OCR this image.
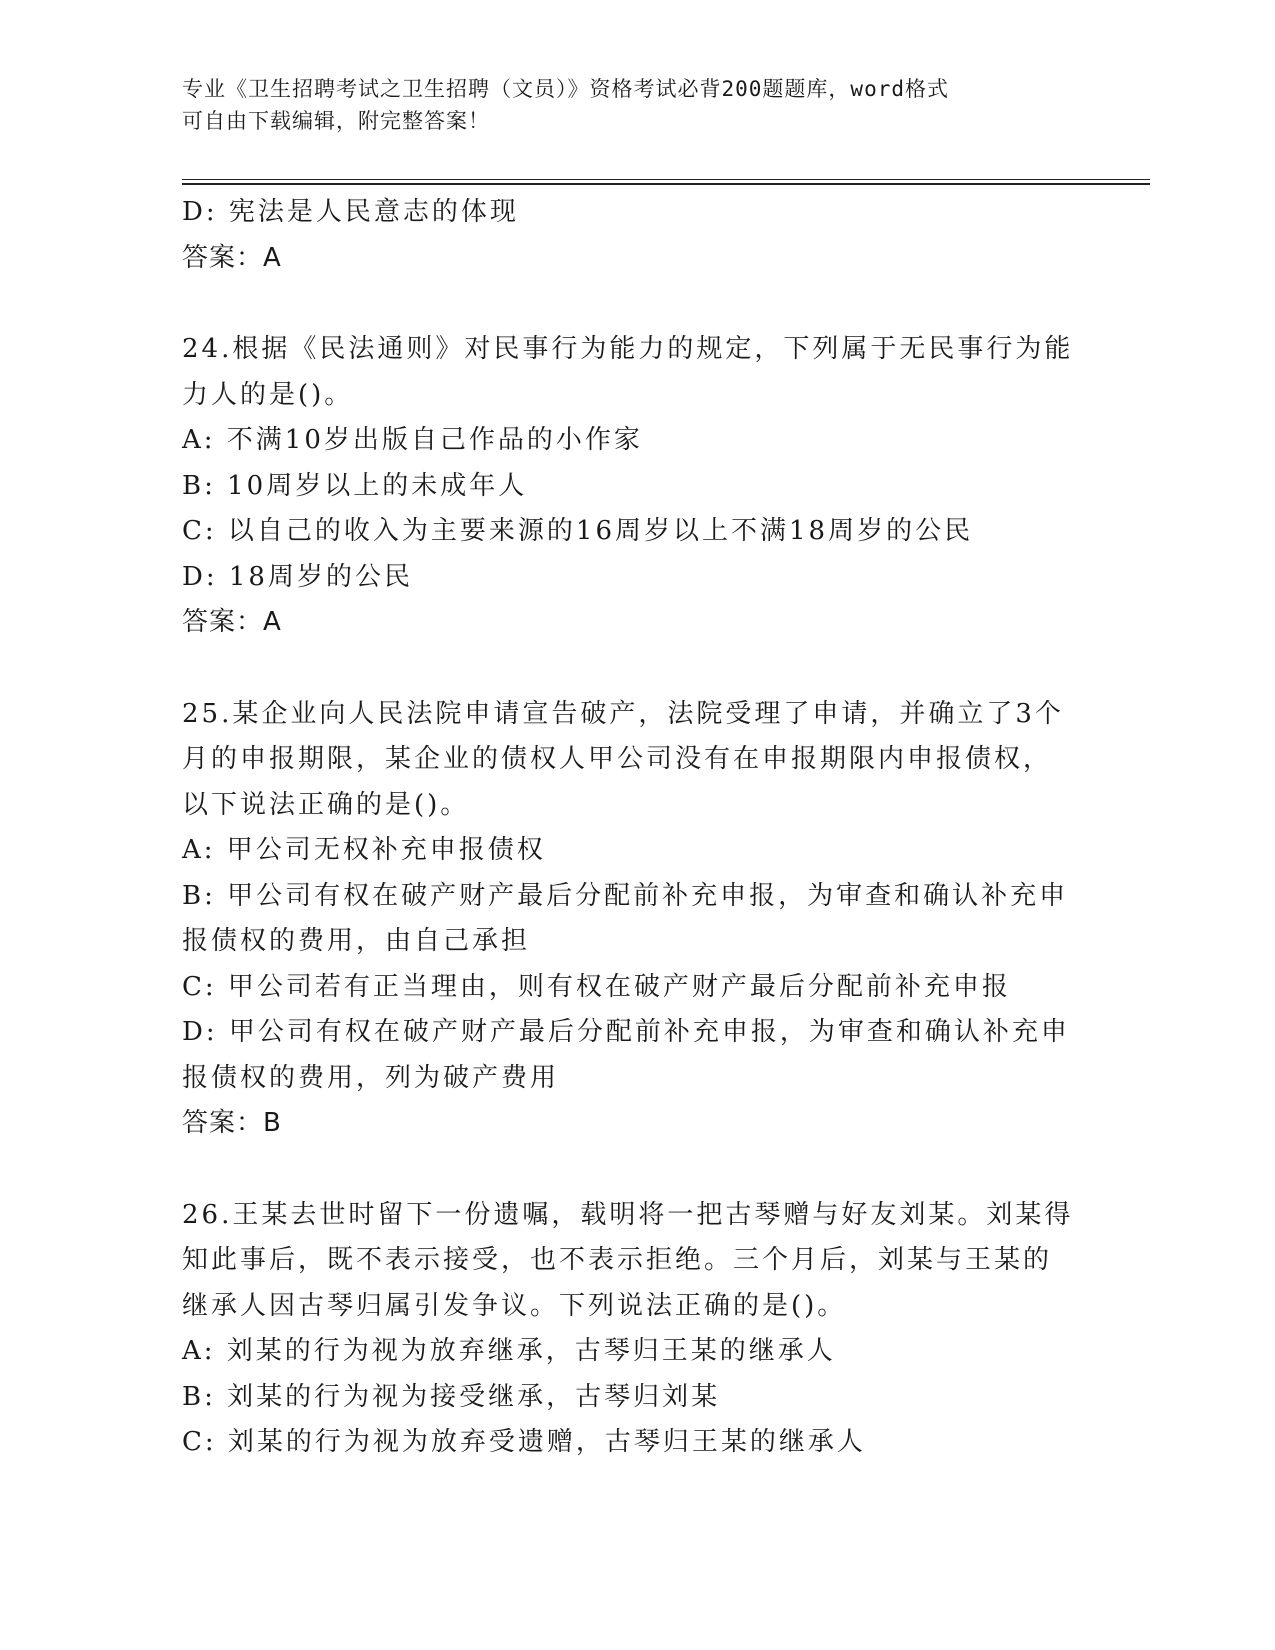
专业《卫生招聘考试之卫生招聘（文员）》资格考试必背200题题库，word格式
可自由下载编辑，附完整答案！
D: 宪法是人民意志的体现
答案：A
24.根据《民法通则》对民事行为能力的规定，下列属于无民事行为能
力人的是()。
A: 不满10岁出版自己作品的小作家
B: 10周岁以上的未成年人
C: 以自己的收入为主要来源的16周岁以上不满18周岁的公民
D: 18周岁的公民
答案：A
25.某企业向人民法院申请宣告破产，法院受理了申请，并确立了3个
月的申报期限，某企业的债权人甲公司没有在申报期限内申报债权，
以下说法正确的是()。
A: 甲公司无权补充申报债权
B: 甲公司有权在破产财产最后分配前补充申报，为审查和确认补充申
报债权的费用，由自己承担
C: 甲公司若有正当理由，则有权在破产财产最后分配前补充申报
D: 甲公司有权在破产财产最后分配前补充申报，为审查和确认补充申
报债权的费用，列为破产费用
答案：B
26.王某去世时留下一份遗嘱，载明将一把古琴赠与好友刘某。刘某得
知此事后，既不表示接受，也不表示拒绝。三个月后，刘某与王某的
继承人因古琴归属引发争议。下列说法正确的是()。
A: 刘某的行为视为放弃继承，古琴归王某的继承人
B: 刘某的行为视为接受继承，古琴归刘某
C: 刘某的行为视为放弃受遗赠，古琴归王某的继承人
